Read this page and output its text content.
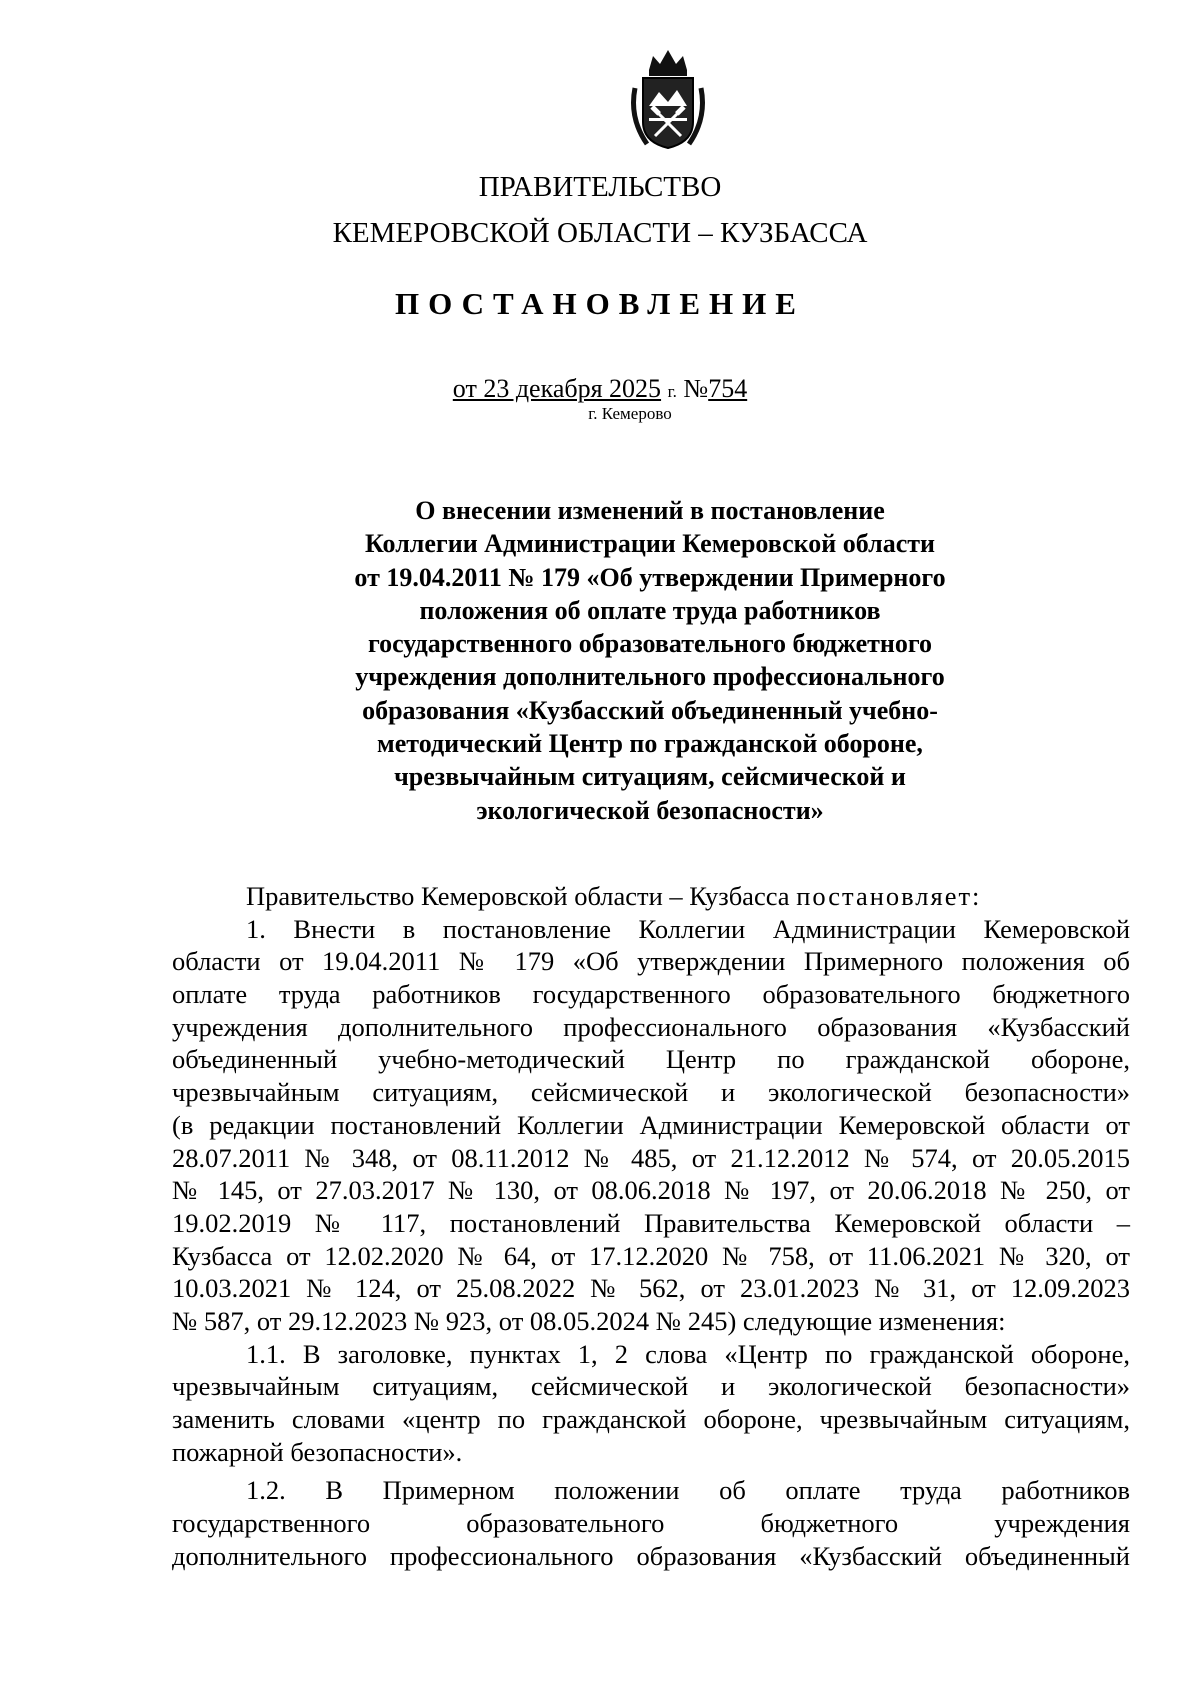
ПРАВИТЕЛЬСТВО
КЕМЕРОВСКОЙ ОБЛАСТИ – КУЗБАССА
ПОСТАНОВЛЕНИЕ
от 23 декабря 2025 г. №754
г. Кемерово
О внесении изменений в постановление
Коллегии Администрации Кемеровской области
от 19.04.2011 № 179 «Об утверждении Примерного
положения об оплате труда работников
государственного образовательного бюджетного
учреждения дополнительного профессионального
образования «Кузбасский объединенный учебно-
методический Центр по гражданской обороне,
чрезвычайным ситуациям, сейсмической и
экологической безопасности»
Правительство Кемеровской области – Кузбасса постановляет:
1. Внести в постановление Коллегии Администрации Кемеровской
области от 19.04.2011 № 179 «Об утверждении Примерного положения об
оплате труда работников государственного образовательного бюджетного
учреждения дополнительного профессионального образования «Кузбасский
объединенный учебно-методический Центр по гражданской обороне,
чрезвычайным ситуациям, сейсмической и экологической безопасности»
(в редакции постановлений Коллегии Администрации Кемеровской области от
28.07.2011 № 348, от 08.11.2012 № 485, от 21.12.2012 № 574, от 20.05.2015
№ 145, от 27.03.2017 № 130, от 08.06.2018 № 197, от 20.06.2018 № 250, от
19.02.2019 № 117, постановлений Правительства Кемеровской области –
Кузбасса от 12.02.2020 № 64, от 17.12.2020 № 758, от 11.06.2021 № 320, от
10.03.2021 № 124, от 25.08.2022 № 562, от 23.01.2023 № 31, от 12.09.2023
№ 587, от 29.12.2023 № 923, от 08.05.2024 № 245) следующие изменения:
1.1. В заголовке, пунктах 1, 2 слова «Центр по гражданской обороне,
чрезвычайным ситуациям, сейсмической и экологической безопасности»
заменить словами «центр по гражданской обороне, чрезвычайным ситуациям,
пожарной безопасности».
1.2. В Примерном положении об оплате труда работников
государственного образовательного бюджетного учреждения
дополнительного профессионального образования «Кузбасский объединенный
